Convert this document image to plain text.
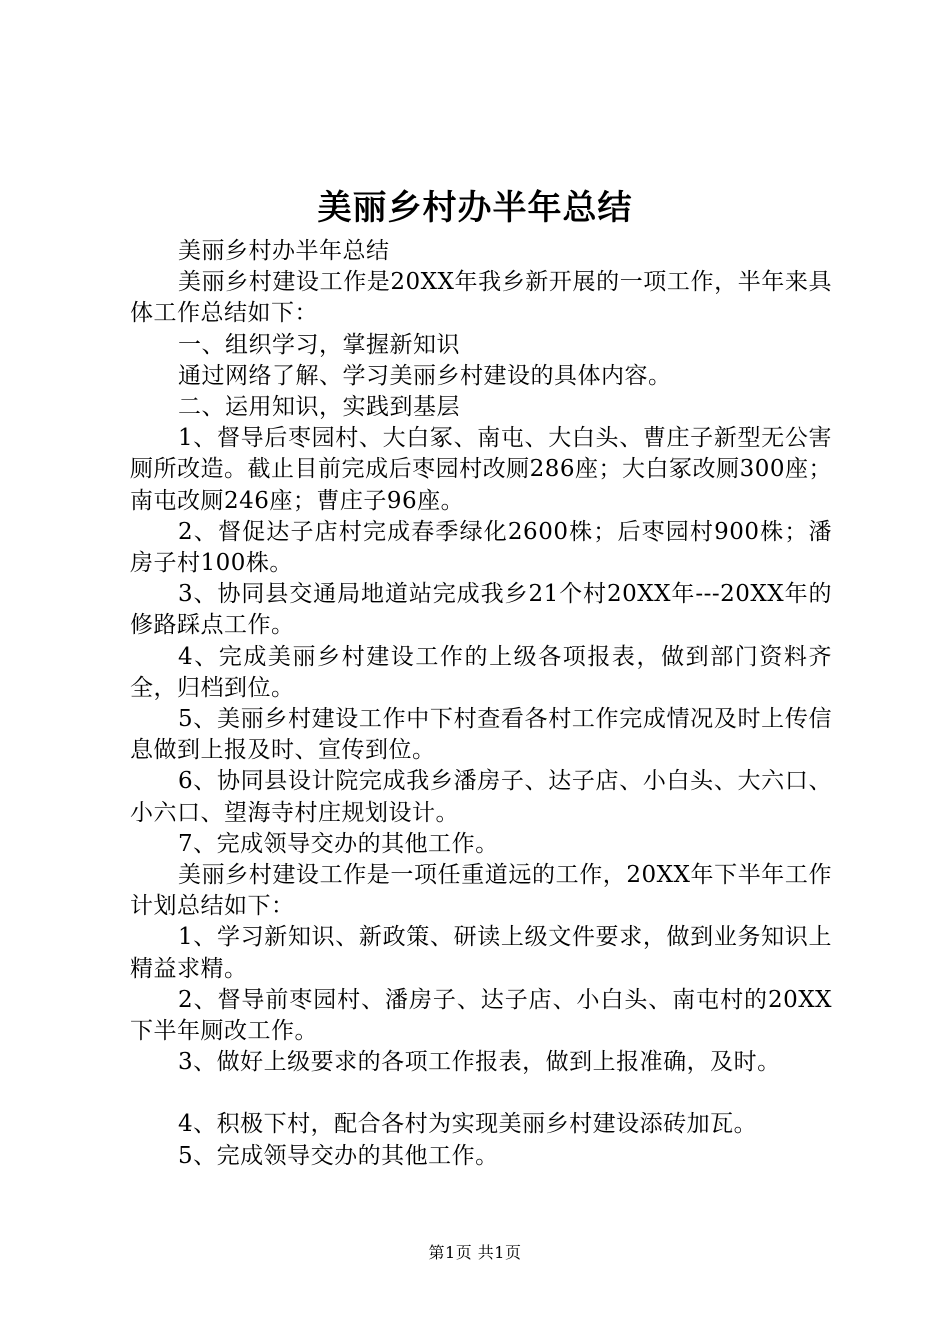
美丽乡村办半年总结

美丽乡村办半年总结

美丽乡村建设工作是20XX年我乡新开展的一项工作，半年来具体工作总结如下：

一、组织学习，掌握新知识

通过网络了解、学习美丽乡村建设的具体内容。

二、运用知识，实践到基层

1、督导后枣园村、大白冢、南屯、大白头、曹庄子新型无公害厕所改造。截止目前完成后枣园村改厕286座；大白冢改厕300座；南屯改厕246座；曹庄子96座。

2、督促达子店村完成春季绿化2600株；后枣园村900株；潘房子村100株。

3、协同县交通局地道站完成我乡21个村20XX年---20XX年的修路踩点工作。

4、完成美丽乡村建设工作的上级各项报表，做到部门资料齐全，归档到位。

5、美丽乡村建设工作中下村查看各村工作完成情况及时上传信息做到上报及时、宣传到位。

6、协同县设计院完成我乡潘房子、达子店、小白头、大六口、小六口、望海寺村庄规划设计。

7、完成领导交办的其他工作。

美丽乡村建设工作是一项任重道远的工作，20XX年下半年工作计划总结如下：

1、学习新知识、新政策、研读上级文件要求，做到业务知识上精益求精。

2、督导前枣园村、潘房子、达子店、小白头、南屯村的20XX下半年厕改工作。

3、做好上级要求的各项工作报表，做到上报准确，及时。

4、积极下村，配合各村为实现美丽乡村建设添砖加瓦。

5、完成领导交办的其他工作。

第1页 共1页
